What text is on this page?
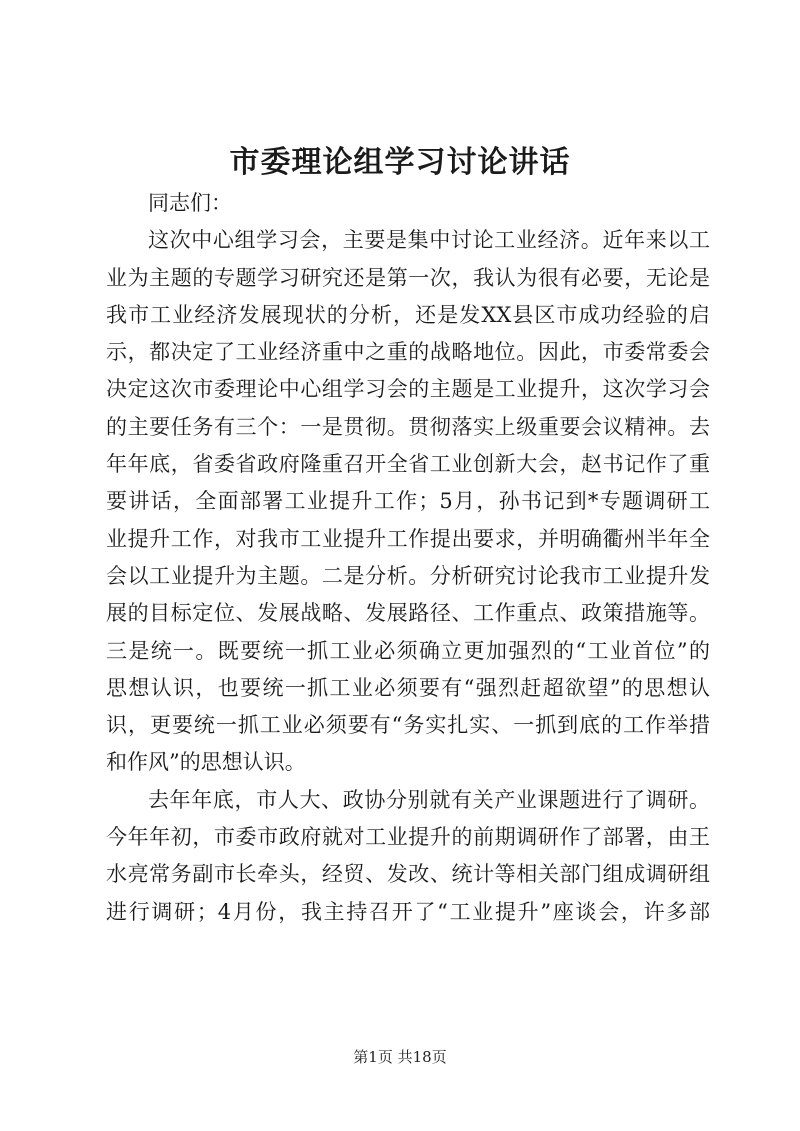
市委理论组学习讨论讲话
同志们：
这次中心组学习会，主要是集中讨论工业经济。近年来以工
业为主题的专题学习研究还是第一次，我认为很有必要，无论是
我市工业经济发展现状的分析，还是发XX县区市成功经验的启
示，都决定了工业经济重中之重的战略地位。因此，市委常委会
决定这次市委理论中心组学习会的主题是工业提升，这次学习会
的主要任务有三个：一是贯彻。贯彻落实上级重要会议精神。去
年年底，省委省政府隆重召开全省工业创新大会，赵书记作了重
要讲话，全面部署工业提升工作；5月，孙书记到*专题调研工
业提升工作，对我市工业提升工作提出要求，并明确衢州半年全
会以工业提升为主题。二是分析。分析研究讨论我市工业提升发
展的目标定位、发展战略、发展路径、工作重点、政策措施等。
三是统一。既要统一抓工业必须确立更加强烈的“工业首位”的
思想认识，也要统一抓工业必须要有“强烈赶超欲望”的思想认
识，更要统一抓工业必须要有“务实扎实、一抓到底的工作举措
和作风”的思想认识。
去年年底，市人大、政协分别就有关产业课题进行了调研。
今年年初，市委市政府就对工业提升的前期调研作了部署，由王
水亮常务副市长牵头，经贸、发改、统计等相关部门组成调研组
进行调研；4月份，我主持召开了“工业提升”座谈会，许多部
第1页 共18页
